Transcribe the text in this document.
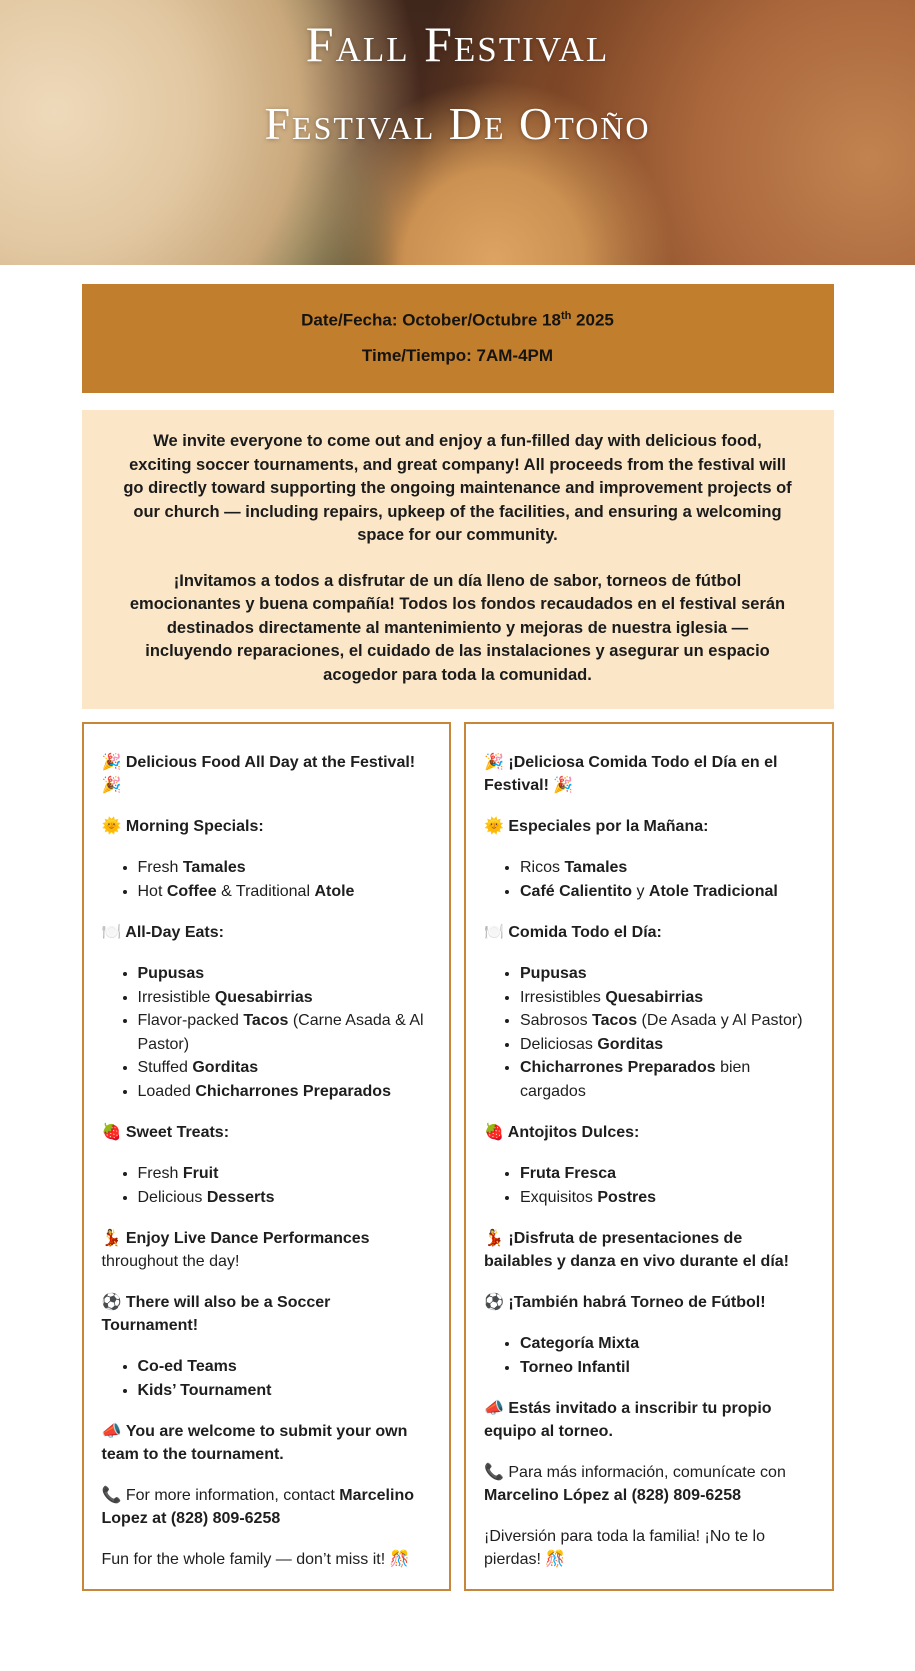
Fall Festival
Festival De Otoño
Date/Fecha: October/Octubre 18th 2025
Time/Tiempo: 7AM-4PM

We invite everyone to come out and enjoy a fun-filled day with delicious food, exciting soccer tournaments, and great company! All proceeds from the festival will go directly toward supporting the ongoing maintenance and improvement projects of our church — including repairs, upkeep of the facilities, and ensuring a welcoming space for our community.

¡Invitamos a todos a disfrutar de un día lleno de sabor, torneos de fútbol emocionantes y buena compañía! Todos los fondos recaudados en el festival serán destinados directamente al mantenimiento y mejoras de nuestra iglesia — incluyendo reparaciones, el cuidado de las instalaciones y asegurar un espacio acogedor para toda la comunidad.

🎉 Delicious Food All Day at the Festival! 🎉

🌞 Morning Specials:

• Fresh Tamales
• Hot Coffee & Traditional Atole

🍽️ All-Day Eats:

• Pupusas
• Irresistible Quesabirrias
• Flavor-packed Tacos (Carne Asada & Al Pastor)
• Stuffed Gorditas
• Loaded Chicharrones Preparados

🍓 Sweet Treats:

• Fresh Fruit
• Delicious Desserts

💃 Enjoy Live Dance Performances throughout the day!

⚽ There will also be a Soccer Tournament!

• Co-ed Teams
• Kids’ Tournament

📣 You are welcome to submit your own team to the tournament.

📞 For more information, contact Marcelino Lopez at (828) 809-6258

Fun for the whole family — don’t miss it! 🎊

🎉 ¡Deliciosa Comida Todo el Día en el Festival! 🎉

🌞 Especiales por la Mañana:

• Ricos Tamales
• Café Calientito y Atole Tradicional

🍽️ Comida Todo el Día:

• Pupusas
• Irresistibles Quesabirrias
• Sabrosos Tacos (De Asada y Al Pastor)
• Deliciosas Gorditas
• Chicharrones Preparados bien cargados

🍓 Antojitos Dulces:

• Fruta Fresca
• Exquisitos Postres

💃 ¡Disfruta de presentaciones de bailables y danza en vivo durante el día!

⚽ ¡También habrá Torneo de Fútbol!

• Categoría Mixta
• Torneo Infantil

📣 Estás invitado a inscribir tu propio equipo al torneo.

📞 Para más información, comunícate con Marcelino López al (828) 809-6258

¡Diversión para toda la familia! ¡No te lo pierdas! 🎊
